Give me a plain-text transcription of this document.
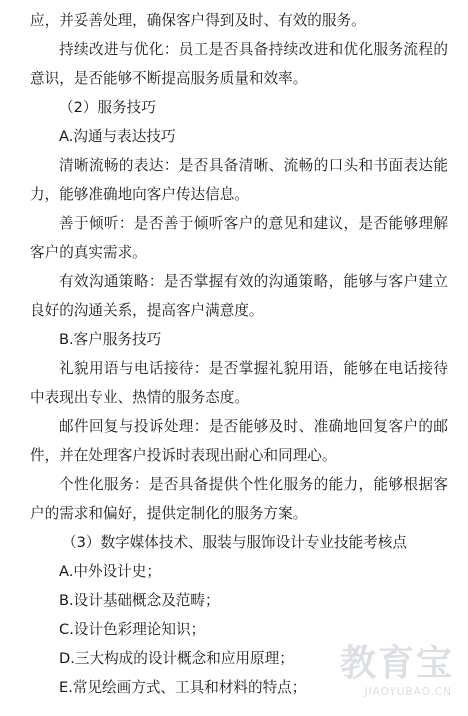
应，并妥善处理，确保客户得到及时、有效的服务。

持续改进与优化：员工是否具备持续改进和优化服务流程的意识，是否能够不断提高服务质量和效率。

（2）服务技巧

A.沟通与表达技巧

清晰流畅的表达：是否具备清晰、流畅的口头和书面表达能力，能够准确地向客户传达信息。

善于倾听：是否善于倾听客户的意见和建议，是否能够理解客户的真实需求。

有效沟通策略：是否掌握有效的沟通策略，能够与客户建立良好的沟通关系，提高客户满意度。

B.客户服务技巧

礼貌用语与电话接待：是否掌握礼貌用语，能够在电话接待中表现出专业、热情的服务态度。

邮件回复与投诉处理：是否能够及时、准确地回复客户的邮件，并在处理客户投诉时表现出耐心和同理心。

个性化服务：是否具备提供个性化服务的能力，能够根据客户的需求和偏好，提供定制化的服务方案。

（3）数字媒体技术、服装与服饰设计专业技能考核点

A.中外设计史；

B.设计基础概念及范畴；

C.设计色彩理论知识；

D.三大构成的设计概念和应用原理；

E.常见绘画方式、工具和材料的特点；

教育宝
JIAOYUBAO.CN
